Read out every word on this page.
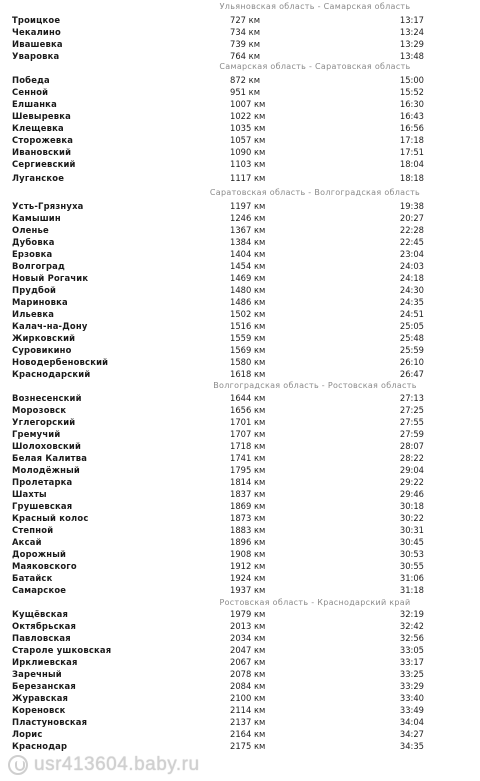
Ульяновская область - Самарская область
Троицкое	727 км	13:17
Чекалино	734 км	13:24
Ивашевка	739 км	13:29
Уваровка	764 км	13:48
Самарская область - Саратовская область
Победа	872 км	15:00
Сенной	951 км	15:52
Елшанка	1007 км	16:30
Шевыревка	1022 км	16:43
Клещевка	1035 км	16:56
Сторожевка	1057 км	17:18
Ивановский	1090 км	17:51
Сергиевский	1103 км	18:04
Луганское	1117 км	18:18
Саратовская область - Волгоградская область
Усть-Грязнуха	1197 км	19:38
Камышин	1246 км	20:27
Оленье	1367 км	22:28
Дубовка	1384 км	22:45
Ерзовка	1404 км	23:04
Волгоград	1454 км	24:03
Новый Рогачик	1469 км	24:18
Прудбой	1480 км	24:30
Мариновка	1486 км	24:35
Ильевка	1502 км	24:51
Калач-на-Дону	1516 км	25:05
Жирковский	1559 км	25:48
Суровикино	1569 км	25:59
Новодербеновский	1580 км	26:10
Краснодарский	1618 км	26:47
Волгоградская область - Ростовская область
Вознесенский	1644 км	27:13
Морозовск	1656 км	27:25
Углегорский	1701 км	27:55
Гремучий	1707 км	27:59
Шолоховский	1718 км	28:07
Белая Калитва	1741 км	28:22
Молодёжный	1795 км	29:04
Пролетарка	1814 км	29:22
Шахты	1837 км	29:46
Грушевская	1869 км	30:18
Красный колос	1873 км	30:22
Степной	1883 км	30:31
Аксай	1896 км	30:45
Дорожный	1908 км	30:53
Маяковского	1912 км	30:55
Батайск	1924 км	31:06
Самарское	1937 км	31:18
Ростовская область - Краснодарский край
Кущёвская	1979 км	32:19
Октябрьская	2013 км	32:42
Павловская	2034 км	32:56
Староле ушковская	2047 км	33:05
Ирклиевская	2067 км	33:17
Заречный	2078 км	33:25
Березанская	2084 км	33:29
Журавская	2100 км	33:40
Кореновск	2114 км	33:49
Пластуновская	2137 км	34:04
Лорис	2164 км	34:27
Краснодар	2175 км	34:35
usr413604.baby.ru
